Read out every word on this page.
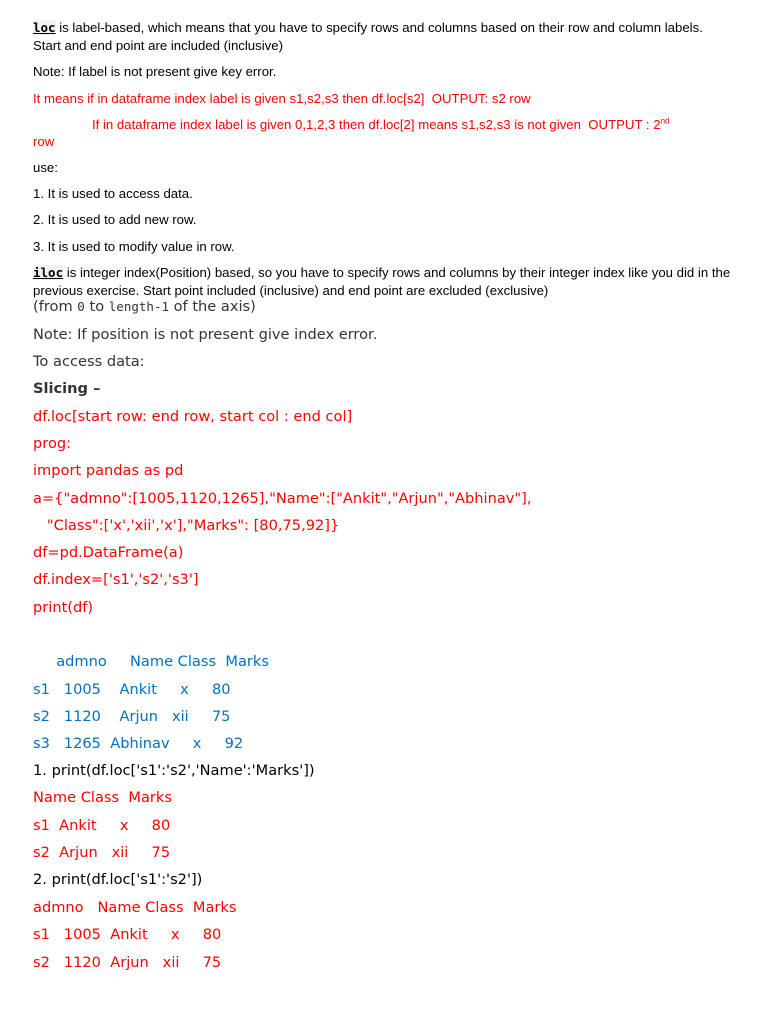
loc is label-based, which means that you have to specify rows and columns based on their row and column labels. Start and end point are included (inclusive)
Note: If label is not present give key error.
It means if in dataframe index label is given s1,s2,s3 then df.loc[s2]  OUTPUT: s2 row
If in dataframe index label is given 0,1,2,3 then df.loc[2] means s1,s2,s3 is not given  OUTPUT : 2nd
row
use:
1. It is used to access data.
2. It is used to add new row.
3. It is used to modify value in row.
iloc is integer index(Position) based, so you have to specify rows and columns by their integer index like you did in the previous exercise. Start point included (inclusive) and end point are excluded (exclusive)
(from 0 to length-1 of the axis)
Note: If position is not present give index error.
To access data:
Slicing –
df.loc[start row: end row, start col : end col]
prog:
import pandas as pd
a={"admno":[1005,1120,1265],"Name":["Ankit","Arjun","Abhinav"],
"Class":['x','xii','x'],"Marks": [80,75,92]}
df=pd.DataFrame(a)
df.index=['s1','s2','s3']
print(df)
admno     Name Class  Marks
s1   1005    Ankit     x     80
s2   1120    Arjun   xii     75
s3   1265  Abhinav     x     92
1. print(df.loc['s1':'s2','Name':'Marks'])
Name Class  Marks
s1  Ankit     x     80
s2  Arjun   xii     75
2. print(df.loc['s1':'s2'])
admno   Name Class  Marks
s1   1005  Ankit     x     80
s2   1120  Arjun   xii     75
